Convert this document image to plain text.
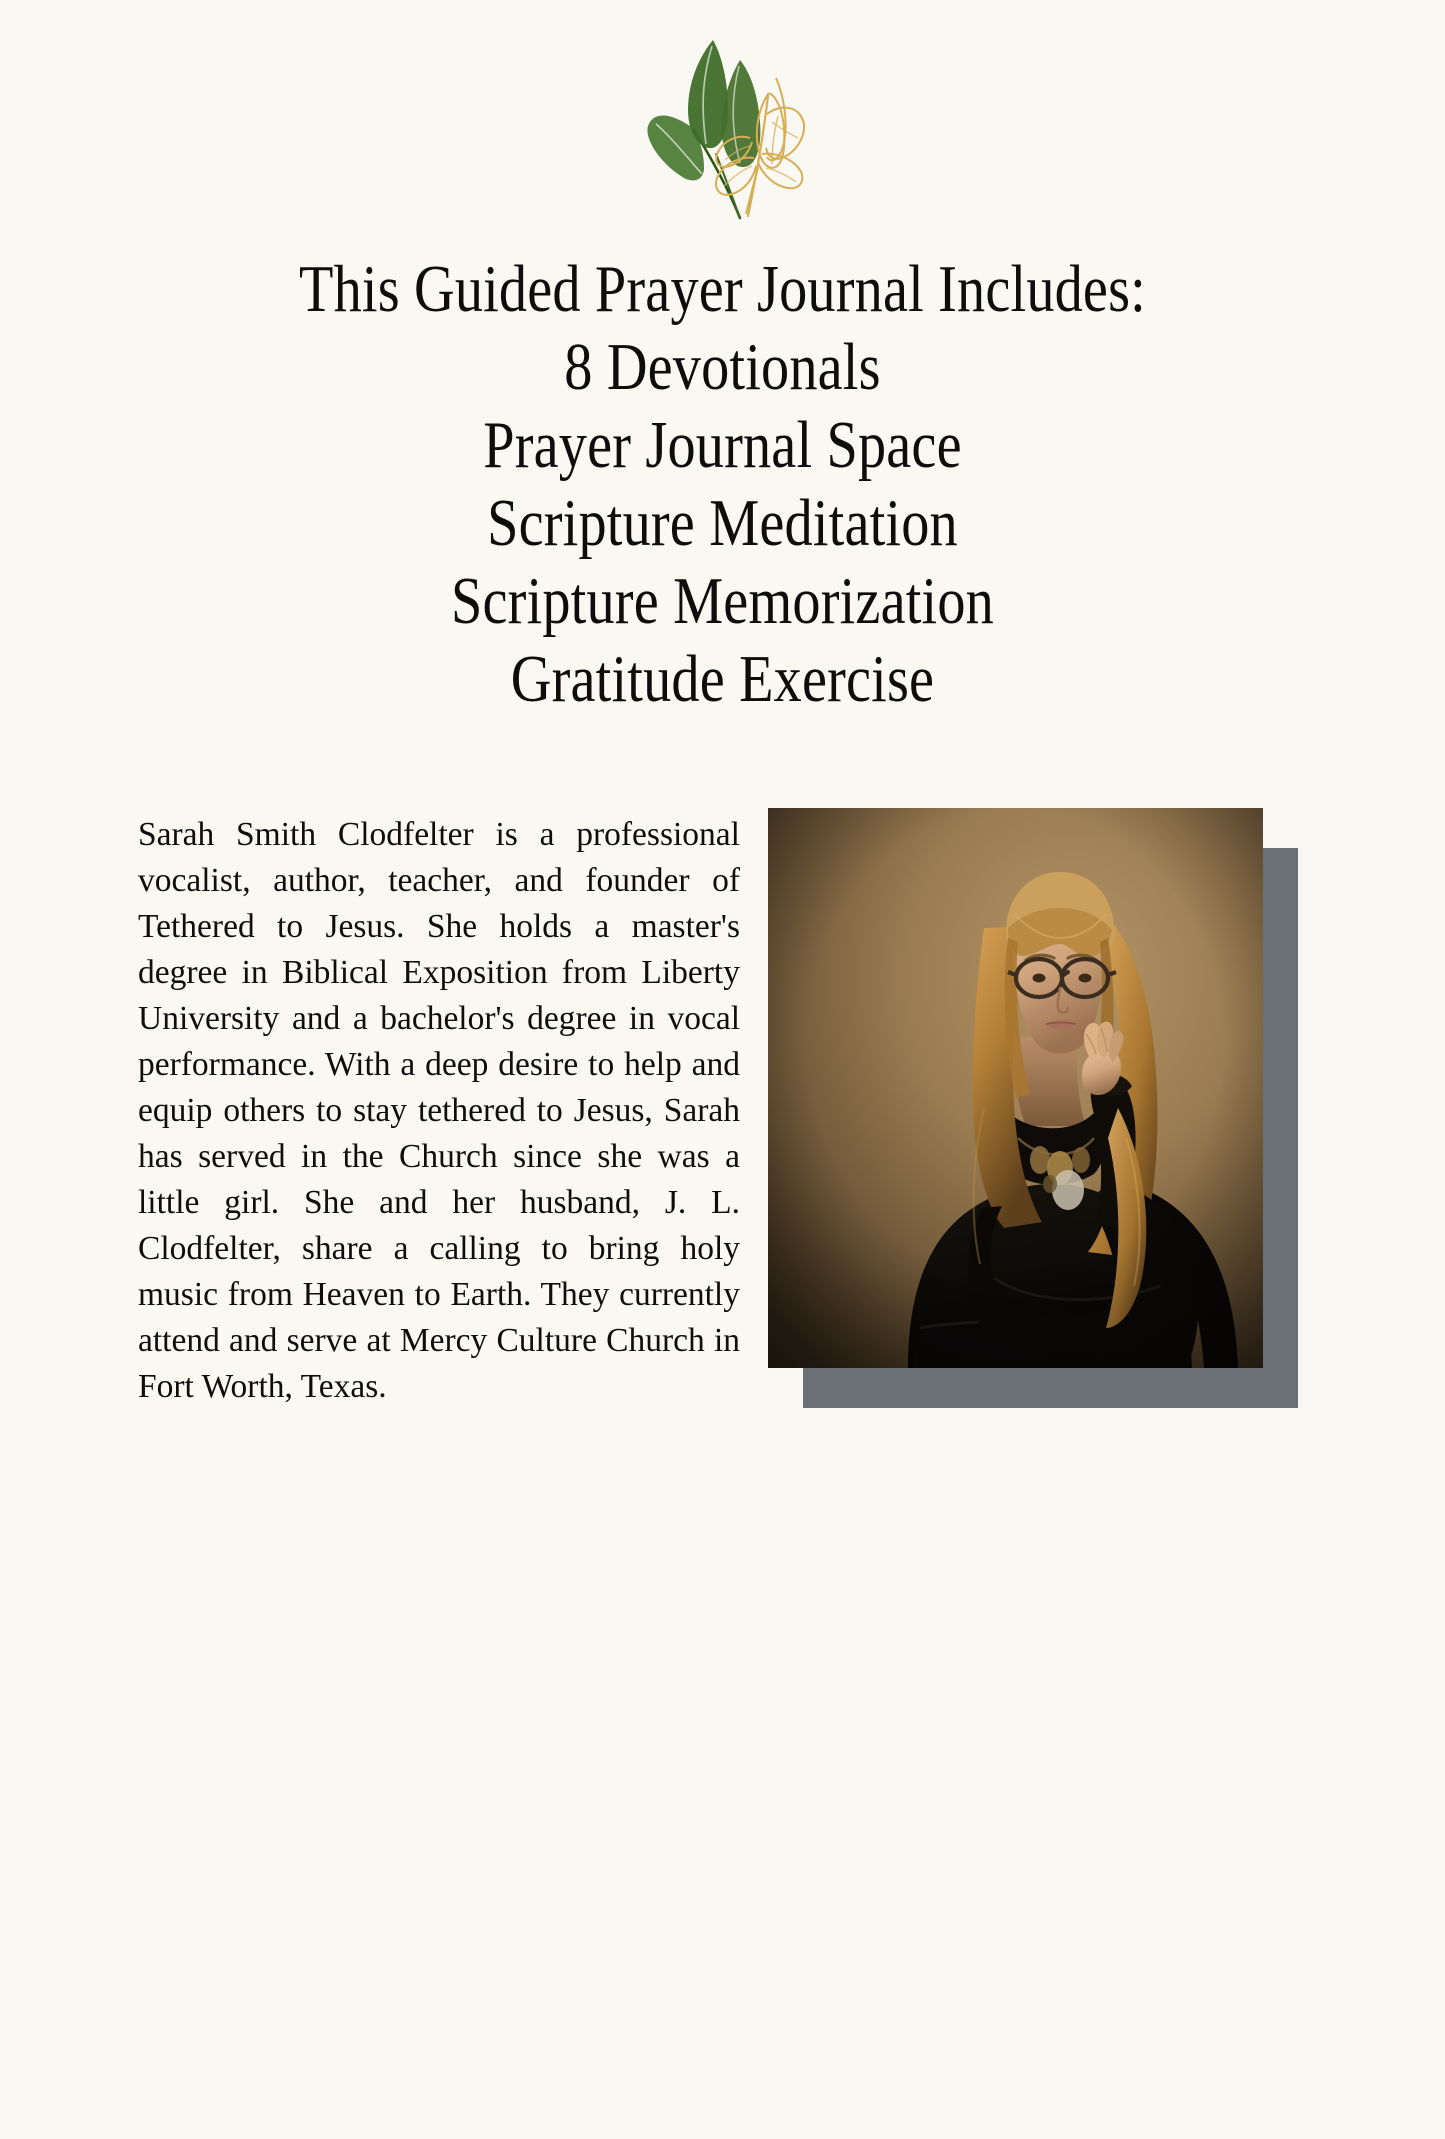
This Guided Prayer Journal Includes:
8 Devotionals
Prayer Journal Space
Scripture Meditation
Scripture Memorization
Gratitude Exercise

Sarah Smith Clodfelter is a professional vocalist, author, teacher, and founder of Tethered to Jesus. She holds a master's degree in Biblical Exposition from Liberty University and a bachelor's degree in vocal performance. With a deep desire to help and equip others to stay tethered to Jesus, Sarah has served in the Church since she was a little girl. She and her husband, J. L. Clodfelter, share a calling to bring holy music from Heaven to Earth. They currently attend and serve at Mercy Culture Church in Fort Worth, Texas.
